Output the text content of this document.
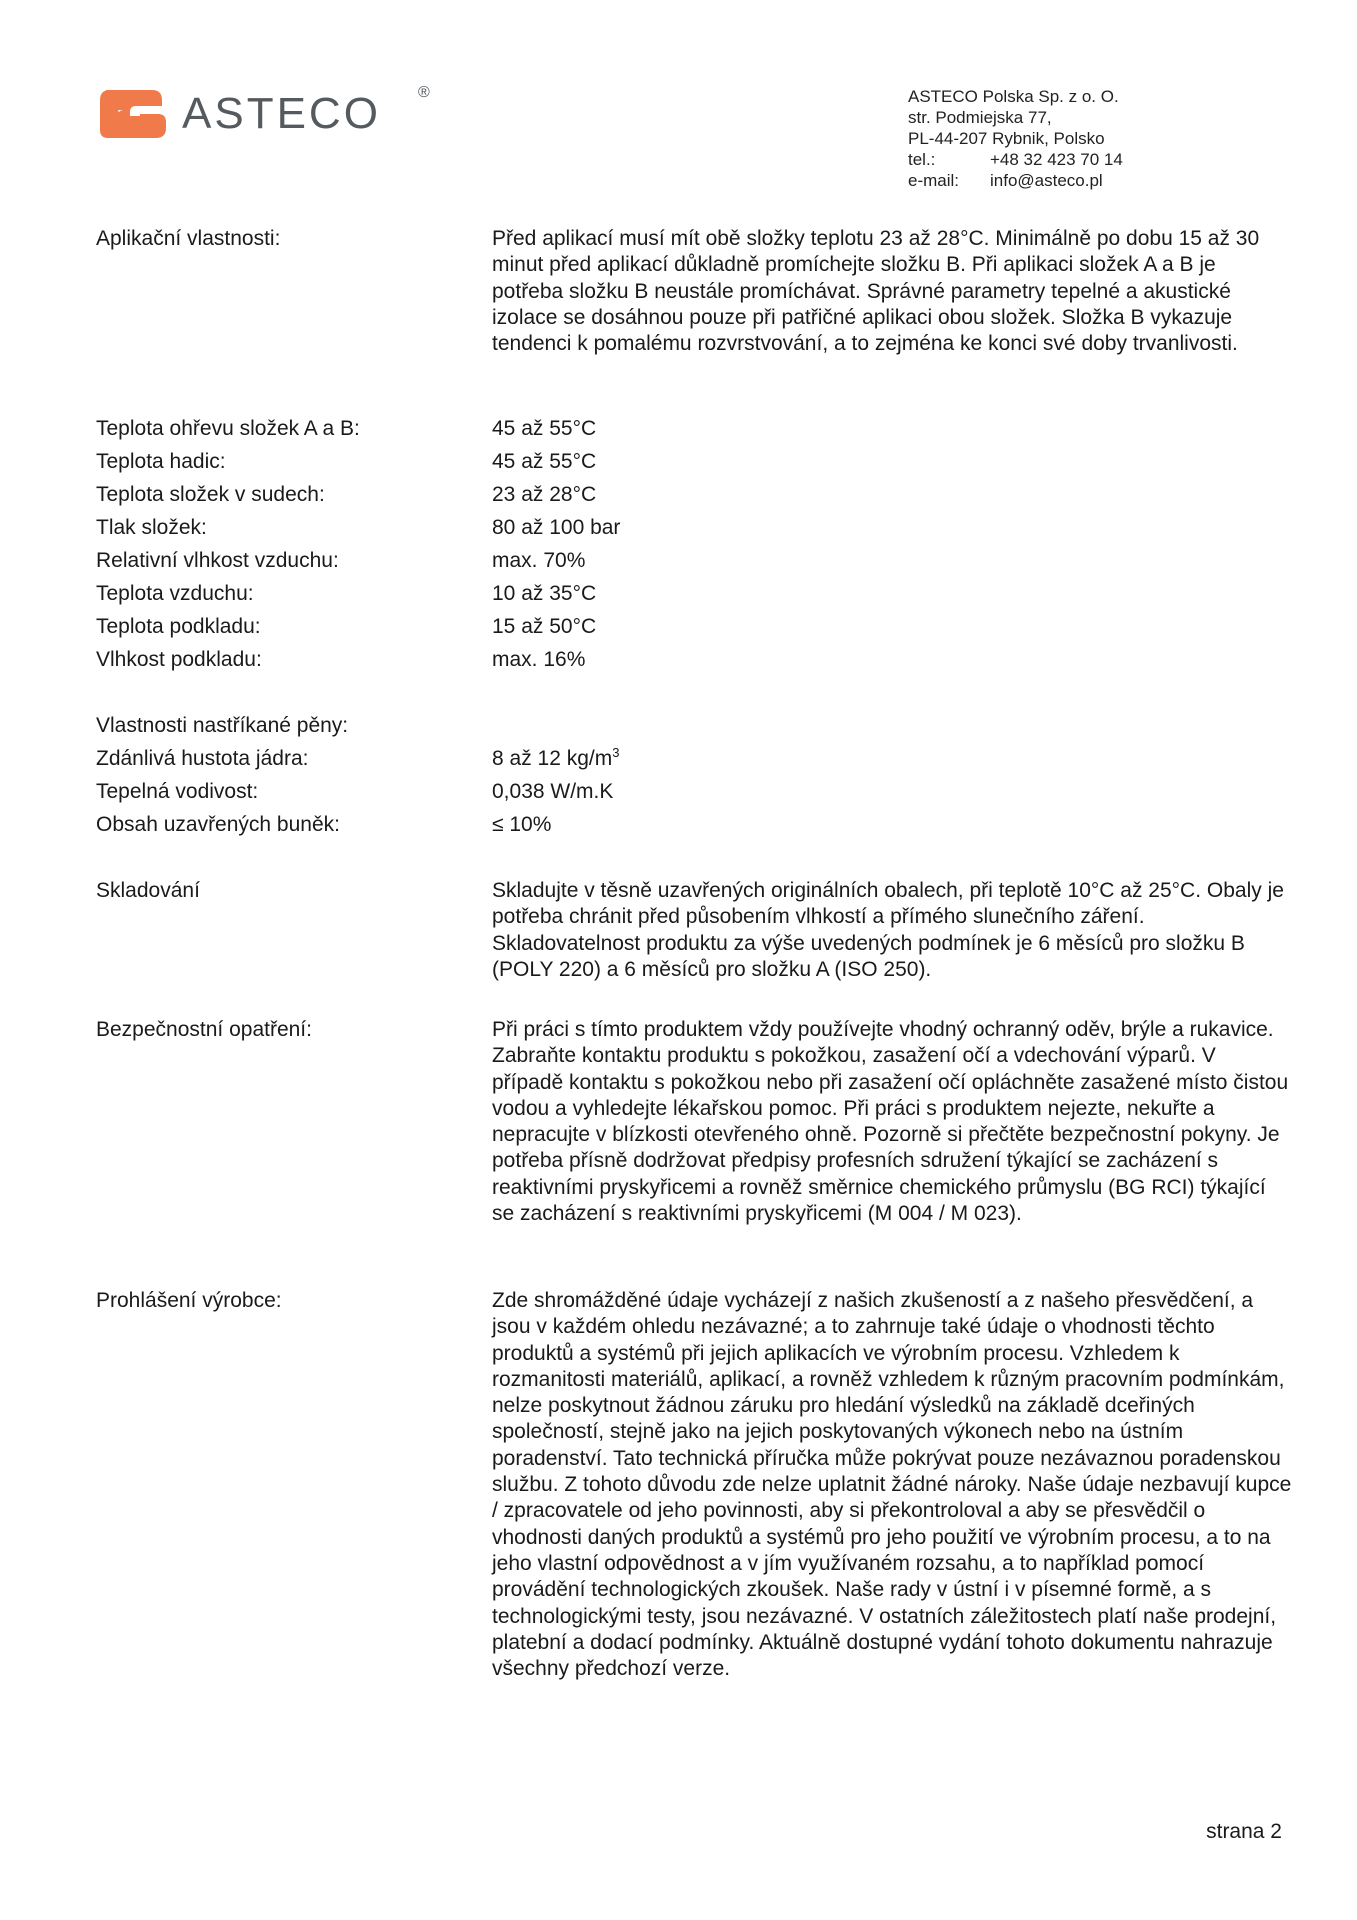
ASTECO ®	ASTECO Polska Sp. z o. O.
str. Podmiejska 77,
PL-44-207 Rybnik, Polsko
tel.:	+48 32 423 70 14
e-mail:	info@asteco.pl
Aplikační vlastnosti:	Před aplikací musí mít obě složky teplotu 23 až 28°C. Minimálně po dobu 15 až 30 minut před aplikací důkladně promíchejte složku B. Při aplikaci složek A a B je potřeba složku B neustále promíchávat. Správné parametry tepelné a akustické izolace se dosáhnou pouze při patřičné aplikaci obou složek. Složka B vykazuje tendenci k pomalému rozvrstvování, a to zejména ke konci své doby trvanlivosti.

Teplota ohřevu složek A a B:	45 až 55°C
Teplota hadic:	45 až 55°C
Teplota složek v sudech:	23 až 28°C
Tlak složek:	80 až 100 bar
Relativní vlhkost vzduchu:	max. 70%
Teplota vzduchu:	10 až 35°C
Teplota podkladu:	15 až 50°C
Vlhkost podkladu:	max. 16%
Vlastnosti nastříkané pěny:
Zdánlivá hustota jádra:	8 až 12 $kg/m^3$
Tepelná vodivost:	0,038 W/m.K
Obsah uzavřených buněk:	≤ 10%
Skladování	Skladujte v těsně uzavřených originálních obalech, při teplotě 10°C až 25°C. Obaly je potřeba chránit před působením vlhkostí a přímého slunečního záření. Skladovatelnost produktu za výše uvedených podmínek je 6 měsíců pro složku B (POLY 220) a 6 měsíců pro složku A (ISO 250).

Bezpečnostní opatření:	Při práci s tímto produktem vždy používejte vhodný ochranný oděv, brýle a rukavice. Zabraňte kontaktu produktu s pokožkou, zasažení očí a vdechování výparů. V případě kontaktu s pokožkou nebo při zasažení očí opláchněte zasažené místo čistou vodou a vyhledejte lékařskou pomoc. Při práci s produktem nejezte, nekuřte a nepracujte v blízkosti otevřeného ohně. Pozorně si přečtěte bezpečnostní pokyny. Je potřeba přísně dodržovat předpisy profesních sdružení týkající se zacházení s reaktivními pryskyřicemi a rovněž směrnice chemického průmyslu (BG RCI) týkající se zacházení s reaktivními pryskyřicemi (M 004 / M 023).

Prohlášení výrobce:	Zde shromážděné údaje vycházejí z našich zkušeností a z našeho přesvědčení, a jsou v každém ohledu nezávazné; a to zahrnuje také údaje o vhodnosti těchto produktů a systémů při jejich aplikacích ve výrobním procesu. Vzhledem k rozmanitosti materiálů, aplikací, a rovněž vzhledem k různým pracovním podmínkám, nelze poskytnout žádnou záruku pro hledání výsledků na základě dceřiných společností, stejně jako na jejich poskytovaných výkonech nebo na ústním poradenství. Tato technická příručka může pokrývat pouze nezávaznou poradenskou službu. Z tohoto důvodu zde nelze uplatnit žádné nároky. Naše údaje nezbavují kupce / zpracovatele od jeho povinnosti, aby si překontroloval a aby se přesvědčil o vhodnosti daných produktů a systémů pro jeho použití ve výrobním procesu, a to na jeho vlastní odpovědnost a v jím využívaném rozsahu, a to například pomocí provádění technologických zkoušek. Naše rady v ústní i v písemné formě, a s technologickými testy, jsou nezávazné. V ostatních záležitostech platí naše prodejní, platební a dodací podmínky. Aktuálně dostupné vydání tohoto dokumentu nahrazuje všechny předchozí verze.

strana 2
